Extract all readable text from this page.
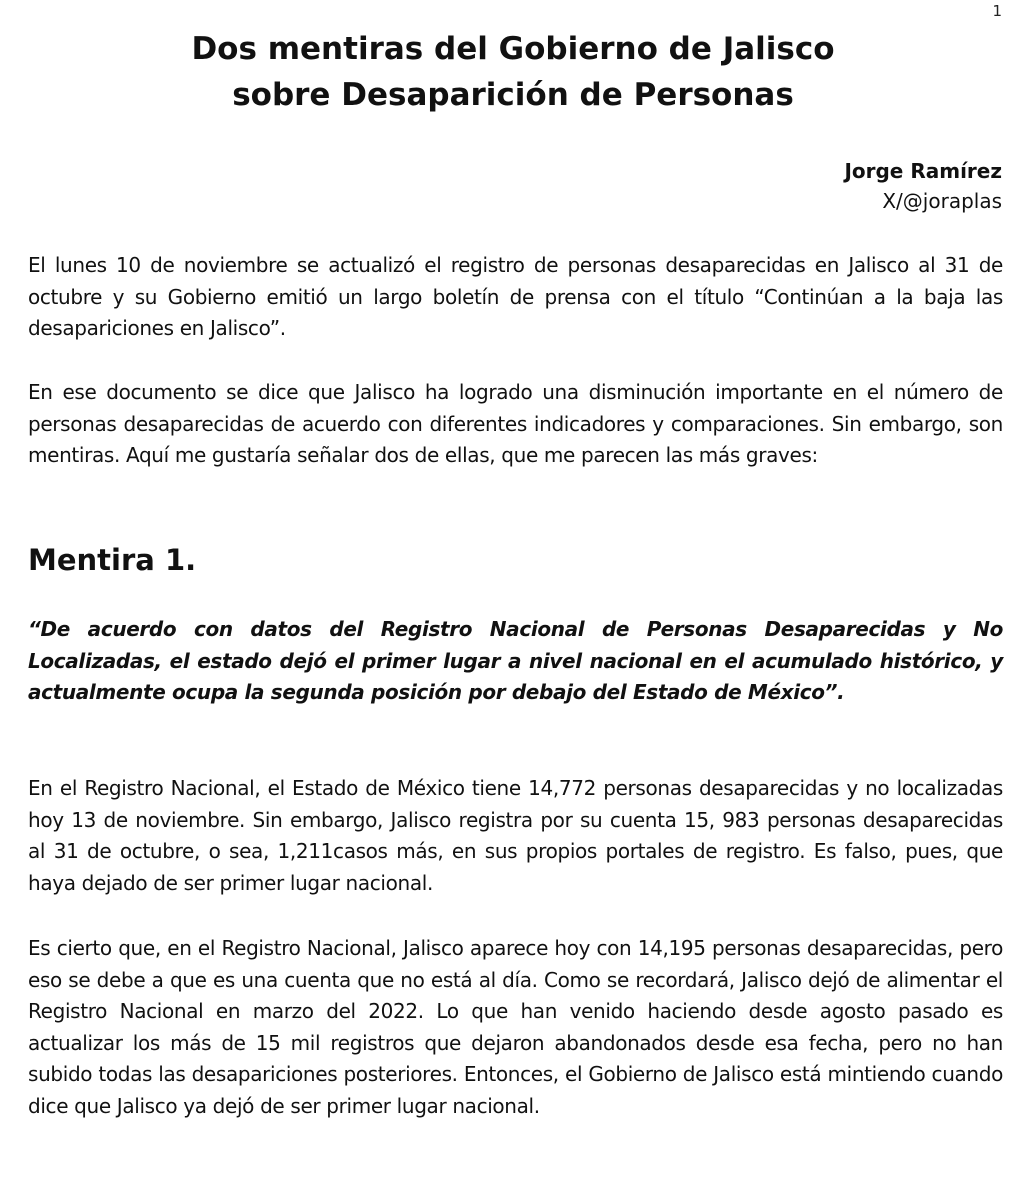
1
Dos mentiras del Gobierno de Jalisco
sobre Desaparición de Personas
Jorge Ramírez
X/@joraplas

El lunes 10 de noviembre se actualizó el registro de personas desaparecidas en Jalisco al 31 de octubre y su Gobierno emitió un largo boletín de prensa con el título “Continúan a la baja las desapariciones en Jalisco”.

En ese documento se dice que Jalisco ha logrado una disminución importante en el número de personas desaparecidas de acuerdo con diferentes indicadores y comparaciones. Sin embargo, son mentiras. Aquí me gustaría señalar dos de ellas, que me parecen las más graves:

Mentira 1.

“De acuerdo con datos del Registro Nacional de Personas Desaparecidas y No Localizadas, el estado dejó el primer lugar a nivel nacional en el acumulado histórico, y actualmente ocupa la segunda posición por debajo del Estado de México”.

En el Registro Nacional, el Estado de México tiene 14,772 personas desaparecidas y no localizadas hoy 13 de noviembre. Sin embargo, Jalisco registra por su cuenta 15, 983 personas desaparecidas al 31 de octubre, o sea, 1,211casos más, en sus propios portales de registro. Es falso, pues, que haya dejado de ser primer lugar nacional.

Es cierto que, en el Registro Nacional, Jalisco aparece hoy con 14,195 personas desaparecidas, pero eso se debe a que es una cuenta que no está al día. Como se recordará, Jalisco dejó de alimentar el Registro Nacional en marzo del 2022. Lo que han venido haciendo desde agosto pasado es actualizar los más de 15 mil registros que dejaron abandonados desde esa fecha, pero no han subido todas las desapariciones posteriores. Entonces, el Gobierno de Jalisco está mintiendo cuando dice que Jalisco ya dejó de ser primer lugar nacional.
